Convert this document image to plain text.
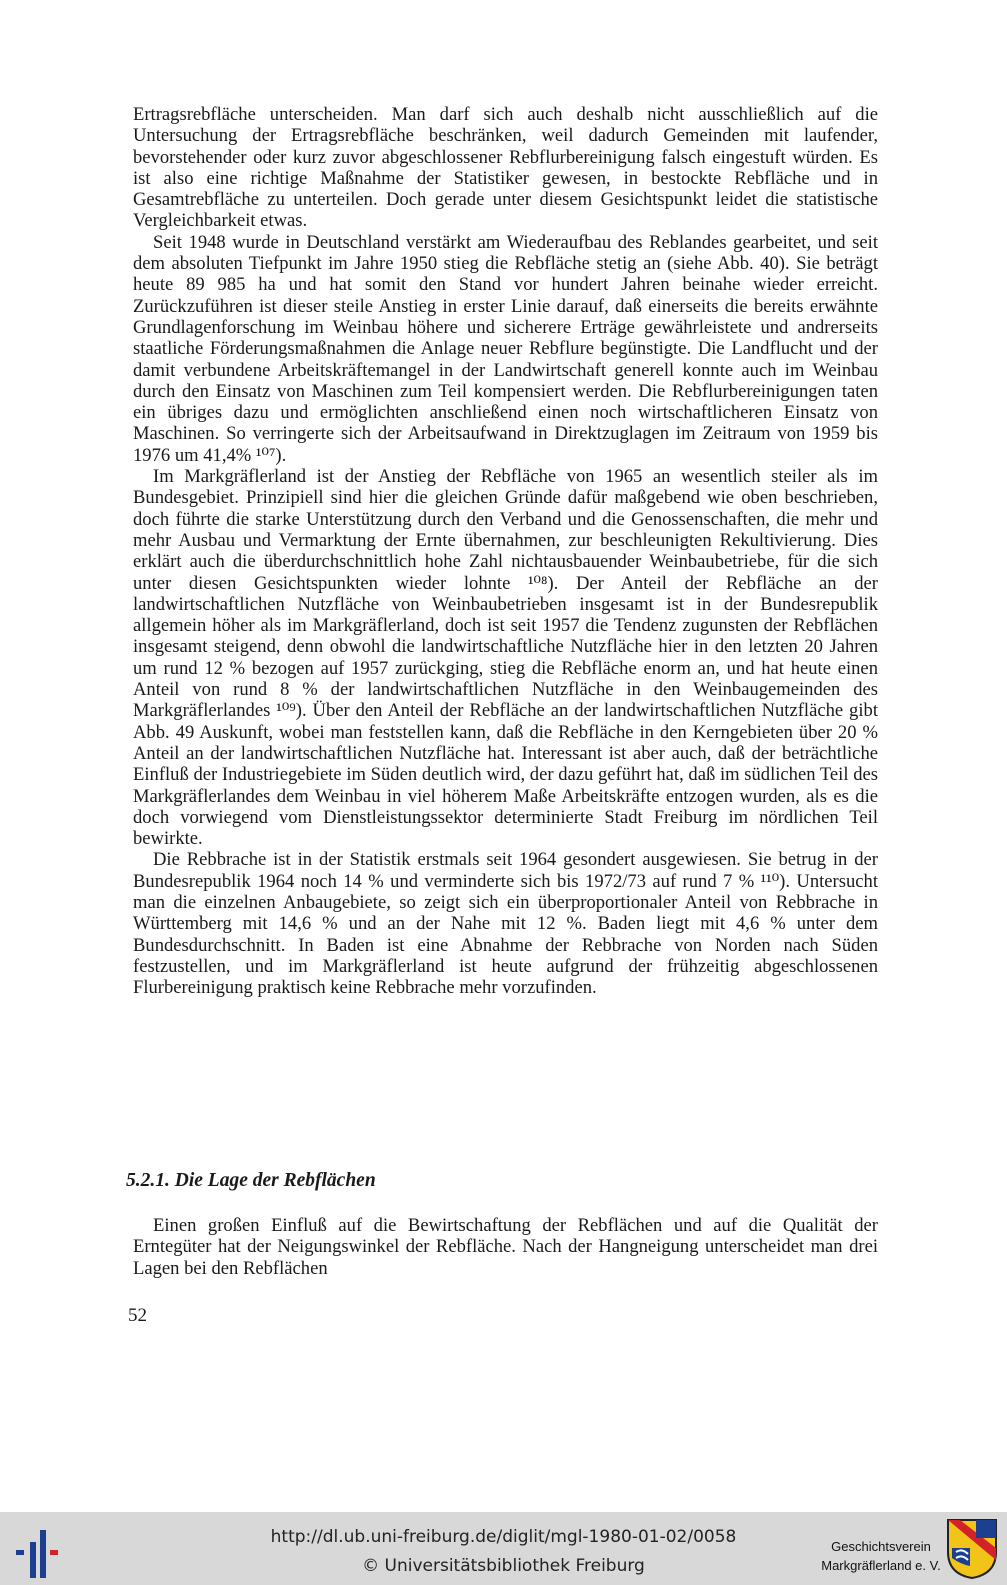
Ertragsrebfläche unterscheiden. Man darf sich auch deshalb nicht ausschließlich auf die Untersuchung der Ertragsrebfläche beschränken, weil dadurch Gemeinden mit laufender, bevorstehender oder kurz zuvor abgeschlossener Rebflurbereinigung falsch eingestuft würden. Es ist also eine richtige Maßnahme der Statistiker gewesen, in bestockte Rebfläche und in Gesamtrebfläche zu unterteilen. Doch gerade unter diesem Gesichtspunkt leidet die statistische Vergleichbarkeit etwas.

Seit 1948 wurde in Deutschland verstärkt am Wiederaufbau des Reblandes gearbeitet, und seit dem absoluten Tiefpunkt im Jahre 1950 stieg die Rebfläche stetig an (siehe Abb. 40). Sie beträgt heute 89 985 ha und hat somit den Stand vor hundert Jahren beinahe wieder erreicht. Zurückzuführen ist dieser steile Anstieg in erster Linie darauf, daß einerseits die bereits erwähnte Grundlagenforschung im Weinbau höhere und sicherere Erträge gewährleistete und andrerseits staatliche Förderungsmaßnahmen die Anlage neuer Rebflure begünstigte. Die Landflucht und der damit verbundene Arbeitskräftemangel in der Landwirtschaft generell konnte auch im Weinbau durch den Einsatz von Maschinen zum Teil kompensiert werden. Die Rebflurbereinigungen taten ein übriges dazu und ermöglichten anschließend einen noch wirtschaftlicheren Einsatz von Maschinen. So verringerte sich der Arbeitsaufwand in Direktzuglagen im Zeitraum von 1959 bis 1976 um 41,4% ¹⁰⁷).

Im Markgräflerland ist der Anstieg der Rebfläche von 1965 an wesentlich steiler als im Bundesgebiet. Prinzipiell sind hier die gleichen Gründe dafür maßgebend wie oben beschrieben, doch führte die starke Unterstützung durch den Verband und die Genossenschaften, die mehr und mehr Ausbau und Vermarktung der Ernte übernahmen, zur beschleunigten Rekultivierung. Dies erklärt auch die überdurchschnittlich hohe Zahl nichtausbauender Weinbaubetriebe, für die sich unter diesen Gesichtspunkten wieder lohnte ¹⁰⁸). Der Anteil der Rebfläche an der landwirtschaftlichen Nutzfläche von Weinbaubetrieben insgesamt ist in der Bundesrepublik allgemein höher als im Markgräflerland, doch ist seit 1957 die Tendenz zugunsten der Rebflächen insgesamt steigend, denn obwohl die landwirtschaftliche Nutzfläche hier in den letzten 20 Jahren um rund 12 % bezogen auf 1957 zurückging, stieg die Rebfläche enorm an, und hat heute einen Anteil von rund 8 % der landwirtschaftlichen Nutzfläche in den Weinbaugemeinden des Markgräflerlandes ¹⁰⁹). Über den Anteil der Rebfläche an der landwirtschaftlichen Nutzfläche gibt Abb. 49 Auskunft, wobei man feststellen kann, daß die Rebfläche in den Kerngebieten über 20 % Anteil an der landwirtschaftlichen Nutzfläche hat. Interessant ist aber auch, daß der beträchtliche Einfluß der Industriegebiete im Süden deutlich wird, der dazu geführt hat, daß im südlichen Teil des Markgräflerlandes dem Weinbau in viel höherem Maße Arbeitskräfte entzogen wurden, als es die doch vorwiegend vom Dienstleistungssektor determinierte Stadt Freiburg im nördlichen Teil bewirkte.

Die Rebbrache ist in der Statistik erstmals seit 1964 gesondert ausgewiesen. Sie betrug in der Bundesrepublik 1964 noch 14 % und verminderte sich bis 1972/73 auf rund 7 % ¹¹⁰). Untersucht man die einzelnen Anbaugebiete, so zeigt sich ein überproportionaler Anteil von Rebbrache in Württemberg mit 14,6 % und an der Nahe mit 12 %. Baden liegt mit 4,6 % unter dem Bundesdurchschnitt. In Baden ist eine Abnahme der Rebbrache von Norden nach Süden festzustellen, und im Markgräflerland ist heute aufgrund der frühzeitig abgeschlossenen Flurbereinigung praktisch keine Rebbrache mehr vorzufinden.

5.2.1. Die Lage der Rebflächen

Einen großen Einfluß auf die Bewirtschaftung der Rebflächen und auf die Qualität der Erntegüter hat der Neigungswinkel der Rebfläche. Nach der Hangneigung unterscheidet man drei Lagen bei den Rebflächen

52
http://dl.ub.uni-freiburg.de/diglit/mgl-1980-01-02/0058
© Universitätsbibliothek Freiburg
Geschichtsverein
Markgräflerland e. V.
